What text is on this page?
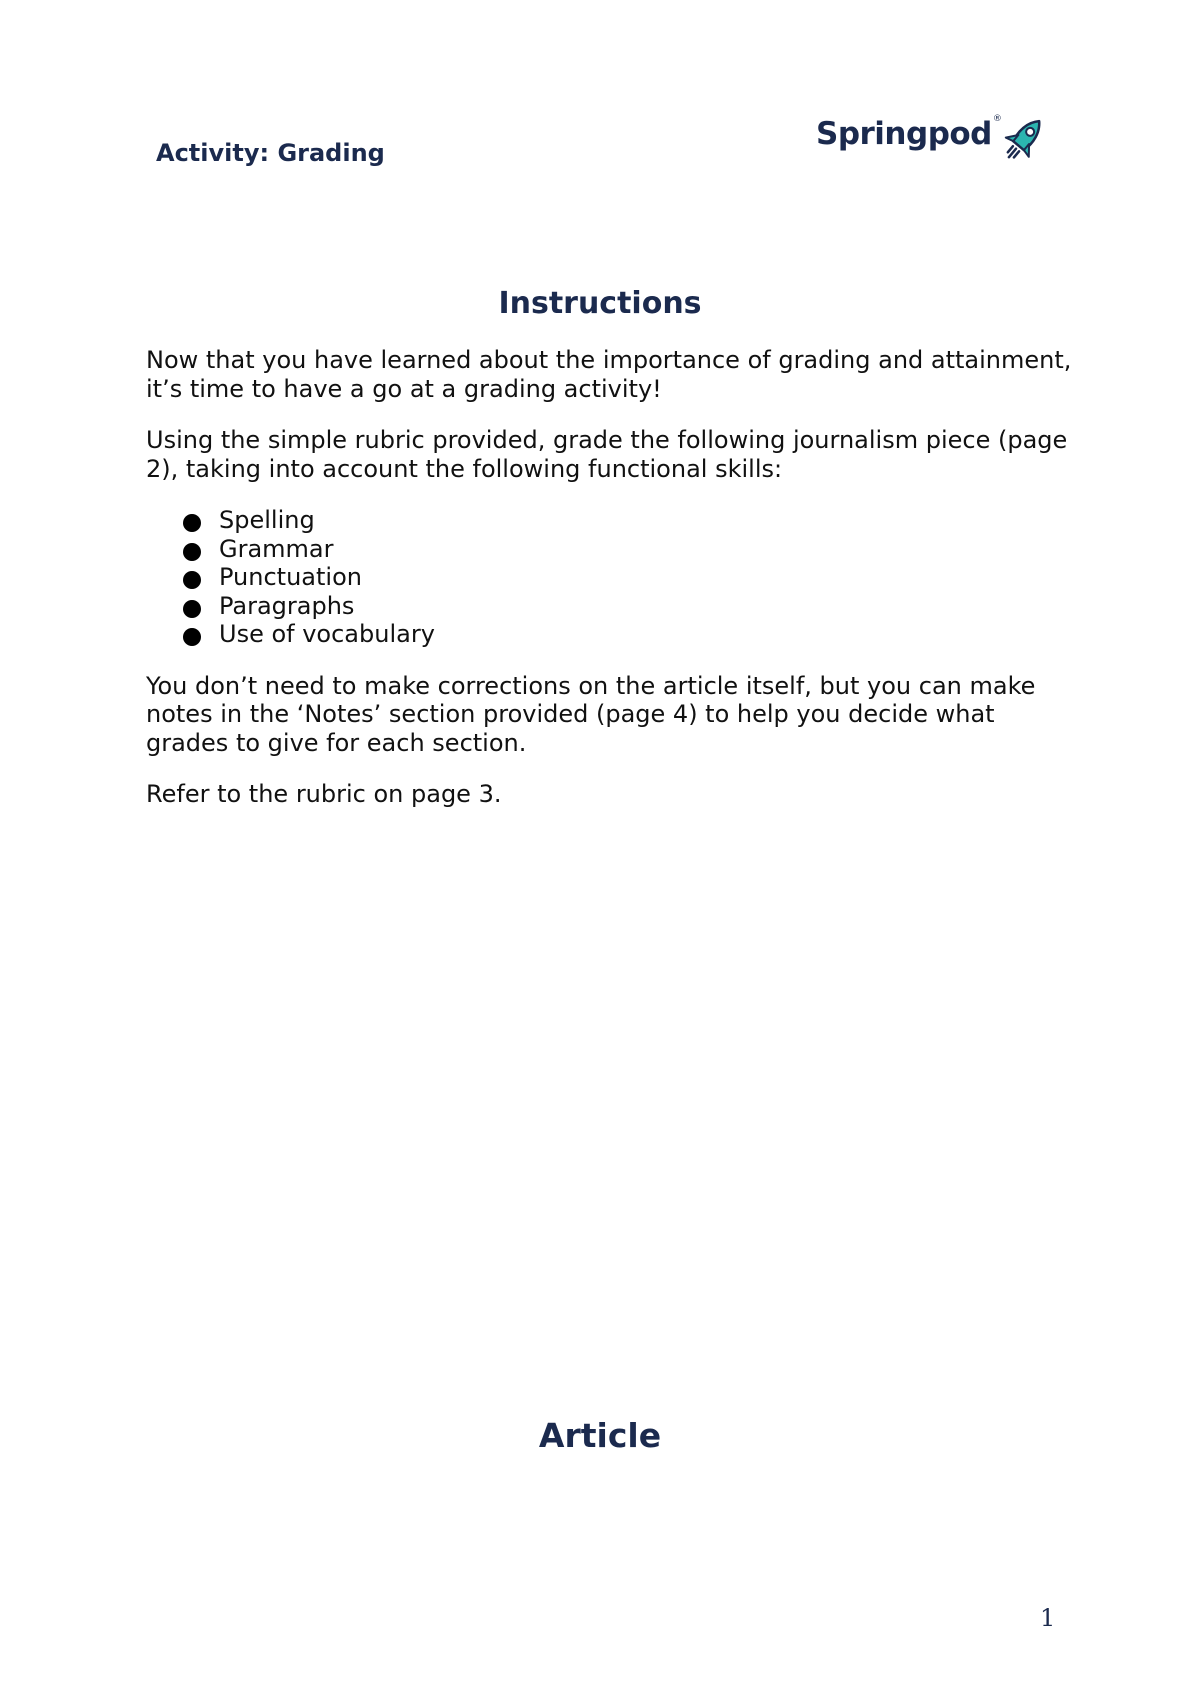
Activity: Grading
Springpod ®
Instructions

Now that you have learned about the importance of grading and attainment, it’s time to have a go at a grading activity!

Using the simple rubric provided, grade the following journalism piece (page 2), taking into account the following functional skills:

Spelling
Grammar
Punctuation
Paragraphs
Use of vocabulary

You don’t need to make corrections on the article itself, but you can make notes in the ‘Notes’ section provided (page 4) to help you decide what grades to give for each section.

Refer to the rubric on page 3.

Article
1
